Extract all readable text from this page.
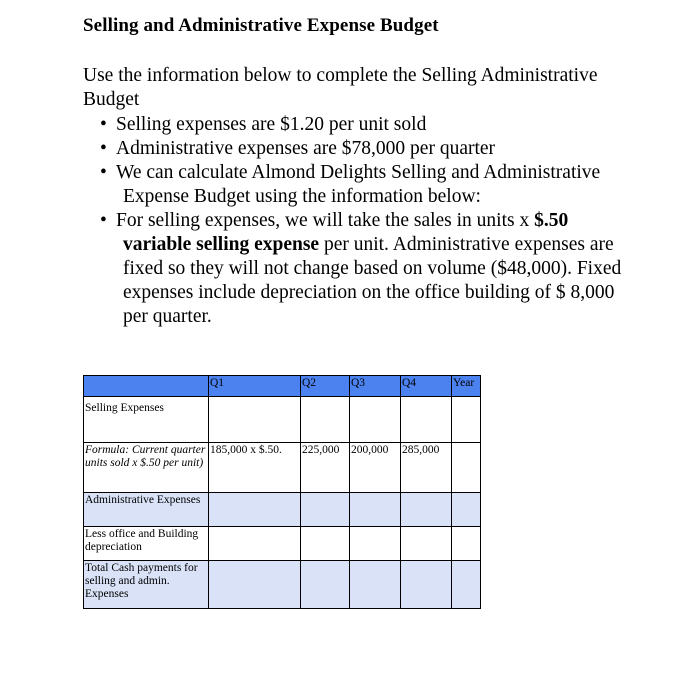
Selling and Administrative Expense Budget
Use the information below to complete the Selling Administrative Budget
• Selling expenses are $1.20 per unit sold
• Administrative expenses are $78,000 per quarter
• We can calculate Almond Delights Selling and Administrative Expense Budget using the information below:
• For selling expenses, we will take the sales in units x $.50 variable selling expense per unit. Administrative expenses are fixed so they will not change based on volume ($48,000). Fixed expenses include depreciation on the office building of $ 8,000 per quarter.
	Q1	Q2	Q3	Q4	Year
Selling Expenses					
Formula: Current quarter units sold x $.50 per unit)	185,000 x $.50.	225,000	200,000	285,000	
Administrative Expenses					
Less office and Building depreciation					
Total Cash payments for selling and admin. Expenses					
